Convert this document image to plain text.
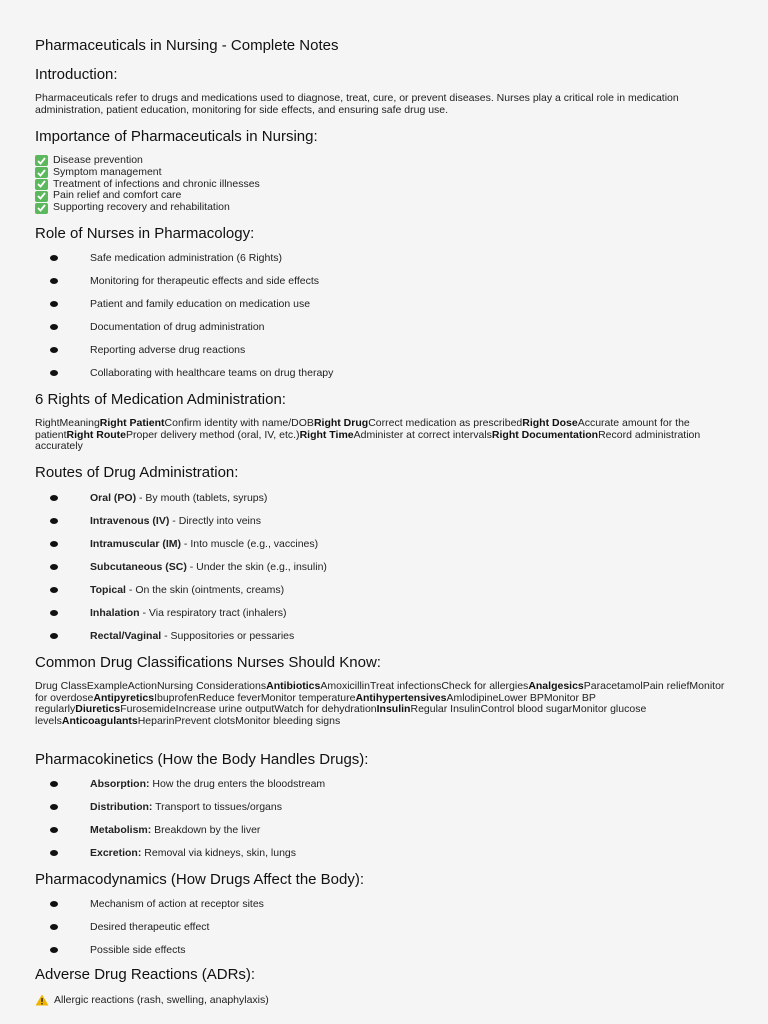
Pharmaceuticals in Nursing - Complete Notes
Introduction:
Pharmaceuticals refer to drugs and medications used to diagnose, treat, cure, or prevent diseases. Nurses play a critical role in medication administration, patient education, monitoring for side effects, and ensuring safe drug use.
Importance of Pharmaceuticals in Nursing:
Disease prevention
Symptom management
Treatment of infections and chronic illnesses
Pain relief and comfort care
Supporting recovery and rehabilitation
Role of Nurses in Pharmacology:
Safe medication administration (6 Rights)
Monitoring for therapeutic effects and side effects
Patient and family education on medication use
Documentation of drug administration
Reporting adverse drug reactions
Collaborating with healthcare teams on drug therapy
6 Rights of Medication Administration:
RightMeaningRight PatientConfirm identity with name/DOBRight DrugCorrect medication as prescribedRight DoseAccurate amount for the patientRight RouteProper delivery method (oral, IV, etc.)Right TimeAdminister at correct intervalsRight DocumentationRecord administration accurately
Routes of Drug Administration:
Oral (PO) - By mouth (tablets, syrups)
Intravenous (IV) - Directly into veins
Intramuscular (IM) - Into muscle (e.g., vaccines)
Subcutaneous (SC) - Under the skin (e.g., insulin)
Topical - On the skin (ointments, creams)
Inhalation - Via respiratory tract (inhalers)
Rectal/Vaginal - Suppositories or pessaries
Common Drug Classifications Nurses Should Know:
Drug ClassExampleActionNursing ConsiderationsAntibioticsAmoxicillinTreat infectionsCheck for allergiesAnalgesicsParacetamolPain reliefMonitor for overdoseAntipyreticsIbuprofenReduce feverMonitor temperatureAntihypertensivesAmlodipineLower BPMonitor BP regularlyDiureticsFurosemideIncrease urine outputWatch for dehydrationInsulinRegular InsulinControl blood sugarMonitor glucose levelsAnticoagulantsHeparinPrevent clotsMonitor bleeding signs
Pharmacokinetics (How the Body Handles Drugs):
Absorption: How the drug enters the bloodstream
Distribution: Transport to tissues/organs
Metabolism: Breakdown by the liver
Excretion: Removal via kidneys, skin, lungs
Pharmacodynamics (How Drugs Affect the Body):
Mechanism of action at receptor sites
Desired therapeutic effect
Possible side effects
Adverse Drug Reactions (ADRs):
Allergic reactions (rash, swelling, anaphylaxis)
